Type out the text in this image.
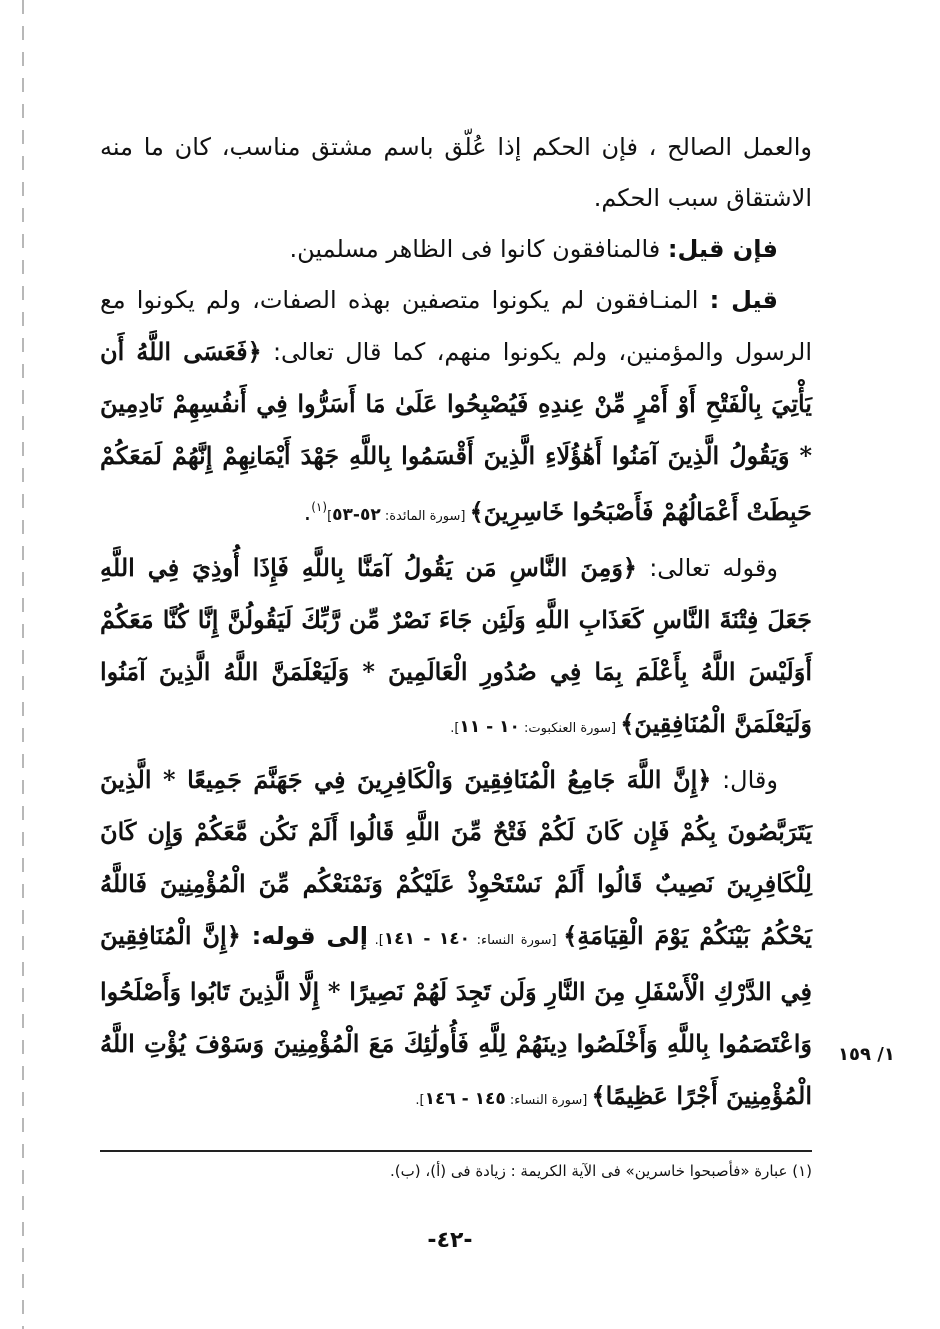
والعمل الصالح ، فإن الحكم إذا عُلّق باسم مشتق مناسب، كان ما منه الاشتقاق سبب الحكم.

فإن قيل: فالمنافقون كانوا فى الظاهر مسلمين.

قيل : المنـافقون لم يكونوا متصفين بهذه الصفات، ولم يكونوا مع الرسول والمؤمنين، ولم يكونوا منهم، كما قال تعالى: ﴿فَعَسَى اللَّهُ أَن يَأْتِيَ بِالْفَتْحِ أَوْ أَمْرٍ مِّنْ عِندِهِ فَيُصْبِحُوا عَلَىٰ مَا أَسَرُّوا فِي أَنفُسِهِمْ نَادِمِينَ * وَيَقُولُ الَّذِينَ آمَنُوا أَهَٰؤُلَاءِ الَّذِينَ أَقْسَمُوا بِاللَّهِ جَهْدَ أَيْمَانِهِمْ إِنَّهُمْ لَمَعَكُمْ حَبِطَتْ أَعْمَالُهُمْ فَأَصْبَحُوا خَاسِرِينَ﴾ [سورة المائدة: ٥٢-٥٣]$^{(١)}$.

وقوله تعالى: ﴿وَمِنَ النَّاسِ مَن يَقُولُ آمَنَّا بِاللَّهِ فَإِذَا أُوذِيَ فِي اللَّهِ جَعَلَ فِتْنَةَ النَّاسِ كَعَذَابِ اللَّهِ وَلَئِن جَاءَ نَصْرٌ مِّن رَّبِّكَ لَيَقُولُنَّ إِنَّا كُنَّا مَعَكُمْ أَوَلَيْسَ اللَّهُ بِأَعْلَمَ بِمَا فِي صُدُورِ الْعَالَمِينَ * وَلَيَعْلَمَنَّ اللَّهُ الَّذِينَ آمَنُوا وَلَيَعْلَمَنَّ الْمُنَافِقِينَ﴾ [سورة العنكبوت: ١٠ - ١١].

وقال: ﴿إِنَّ اللَّهَ جَامِعُ الْمُنَافِقِينَ وَالْكَافِرِينَ فِي جَهَنَّمَ جَمِيعًا * الَّذِينَ يَتَرَبَّصُونَ بِكُمْ فَإِن كَانَ لَكُمْ فَتْحٌ مِّنَ اللَّهِ قَالُوا أَلَمْ نَكُن مَّعَكُمْ وَإِن كَانَ لِلْكَافِرِينَ نَصِيبٌ قَالُوا أَلَمْ نَسْتَحْوِذْ عَلَيْكُمْ وَنَمْنَعْكُم مِّنَ الْمُؤْمِنِينَ فَاللَّهُ يَحْكُمُ بَيْنَكُمْ يَوْمَ الْقِيَامَةِ﴾ [سورة النساء: ١٤٠ - ١٤١]. إلى قوله: ﴿إِنَّ الْمُنَافِقِينَ فِي الدَّرْكِ الْأَسْفَلِ مِنَ النَّارِ وَلَن تَجِدَ لَهُمْ نَصِيرًا * إِلَّا الَّذِينَ تَابُوا وَأَصْلَحُوا وَاعْتَصَمُوا بِاللَّهِ وَأَخْلَصُوا دِينَهُمْ لِلَّهِ فَأُولَٰئِكَ مَعَ الْمُؤْمِنِينَ وَسَوْفَ يُؤْتِ اللَّهُ الْمُؤْمِنِينَ أَجْرًا عَظِيمًا﴾ [سورة النساء: ١٤٥ - ١٤٦].

١/ ١٥٩
(١) عبارة «فأصبحوا خاسرين» فى الآية الكريمة : زيادة فى (أ)، (ب).
-٤٢-
